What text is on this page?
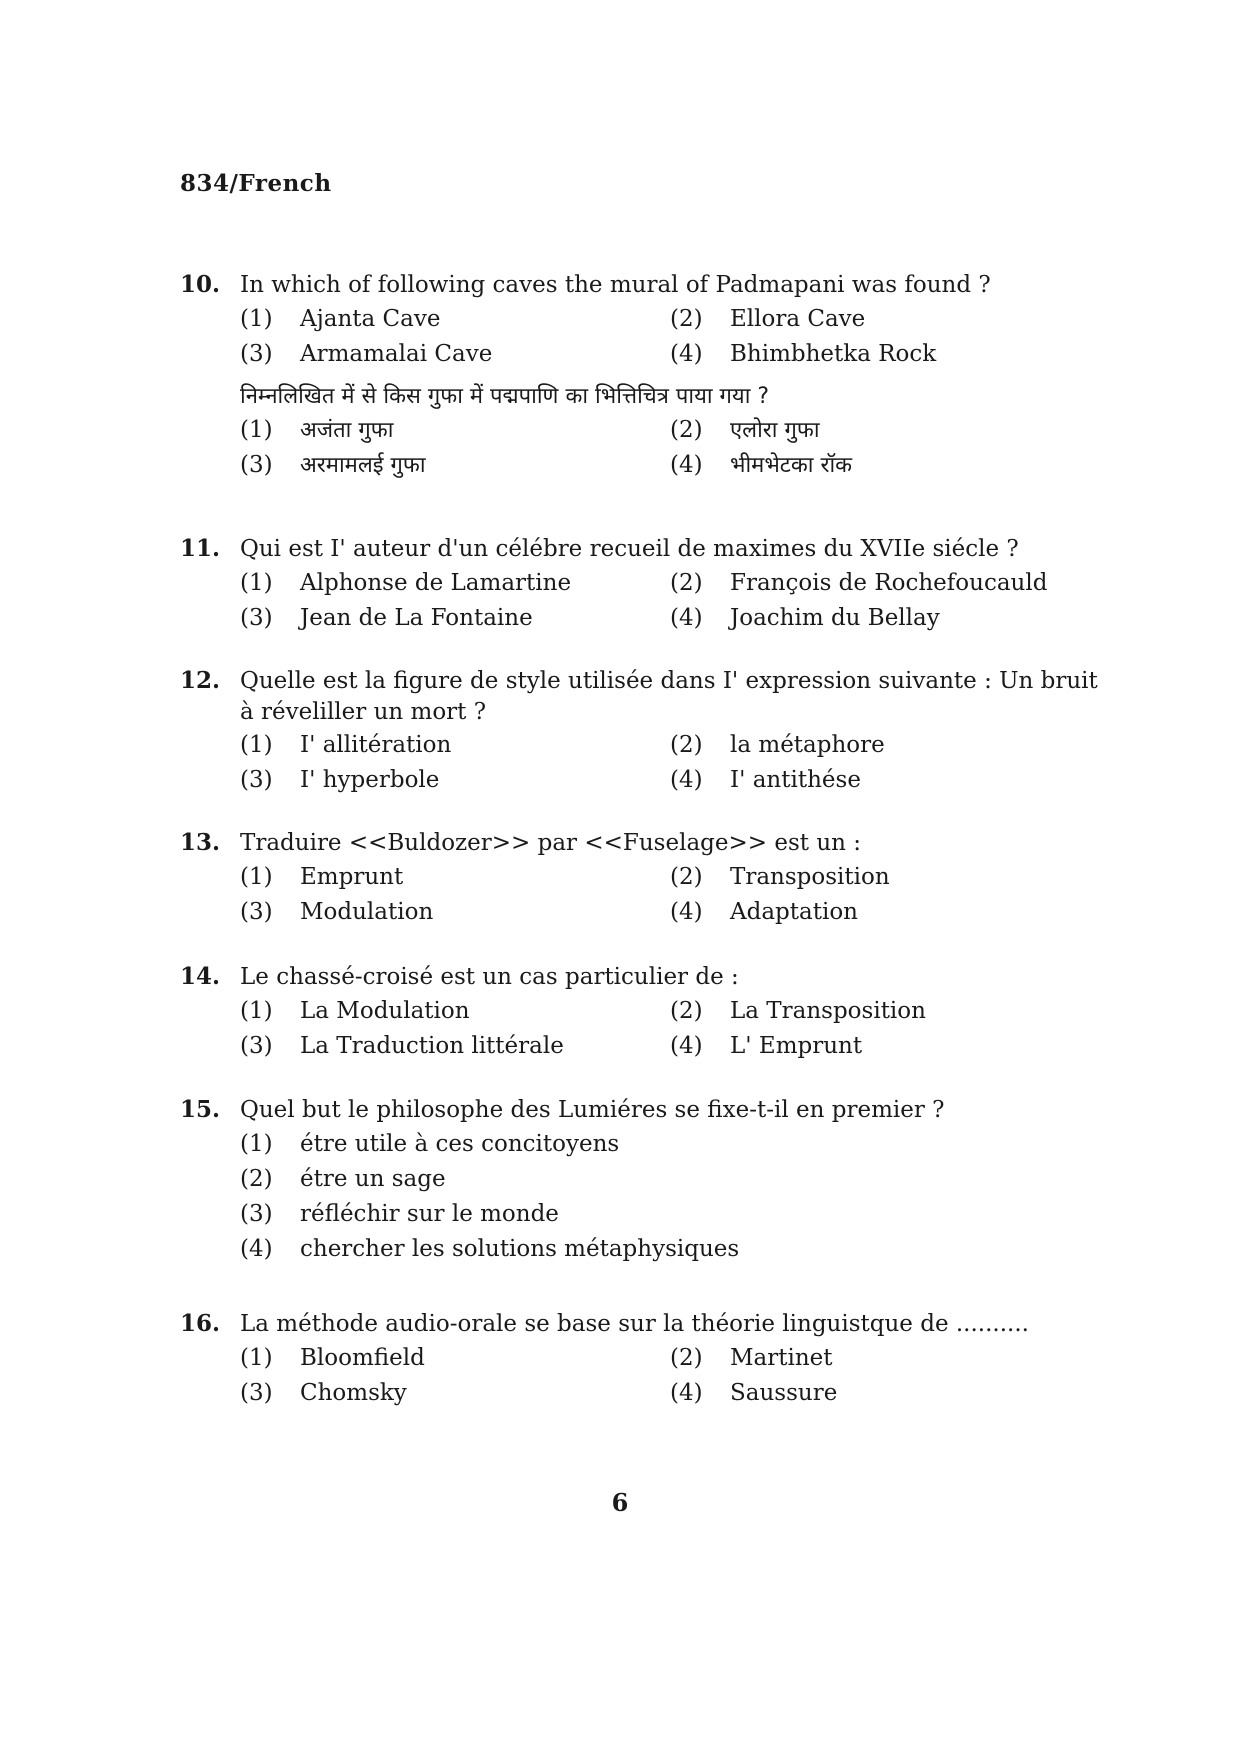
834/French
10. In which of following caves the mural of Padmapani was found ?
(1)	Ajanta Cave	(2)	Ellora Cave
(3)	Armamalai Cave	(4)	Bhimbhetka Rock
निम्नलिखित में से किस गुफा में पद्मपाणि का भित्तिचित्र पाया गया ?
(1)	अजंता गुफा	(2)	एलोरा गुफा
(3)	अरमामलई गुफा	(4)	भीमभेटका रॉक
11. Qui est I' auteur d'un célébre recueil de maximes du XVIIe siécle ?
(1)	Alphonse de Lamartine	(2)	François de Rochefoucauld
(3)	Jean de La Fontaine	(4)	Joachim du Bellay
12. Quelle est la figure de style utilisée dans I' expression suivante : Un bruit à réveliller un mort ?
(1)	I' allitération	(2)	la métaphore
(3)	I' hyperbole	(4)	I' antithése
13. Traduire <<Buldozer>> par <<Fuselage>> est un :
(1)	Emprunt	(2)	Transposition
(3)	Modulation	(4)	Adaptation
14. Le chassé-croisé est un cas particulier de :
(1)	La Modulation	(2)	La Transposition
(3)	La Traduction littérale	(4)	L' Emprunt
15. Quel but le philosophe des Lumiéres se fixe-t-il en premier ?
(1)	étre utile à ces concitoyens
(2)	étre un sage
(3)	réfléchir sur le monde
(4)	chercher les solutions métaphysiques
16. La méthode audio-orale se base sur la théorie linguistque de ..........
(1)	Bloomfield	(2)	Martinet
(3)	Chomsky	(4)	Saussure
6
